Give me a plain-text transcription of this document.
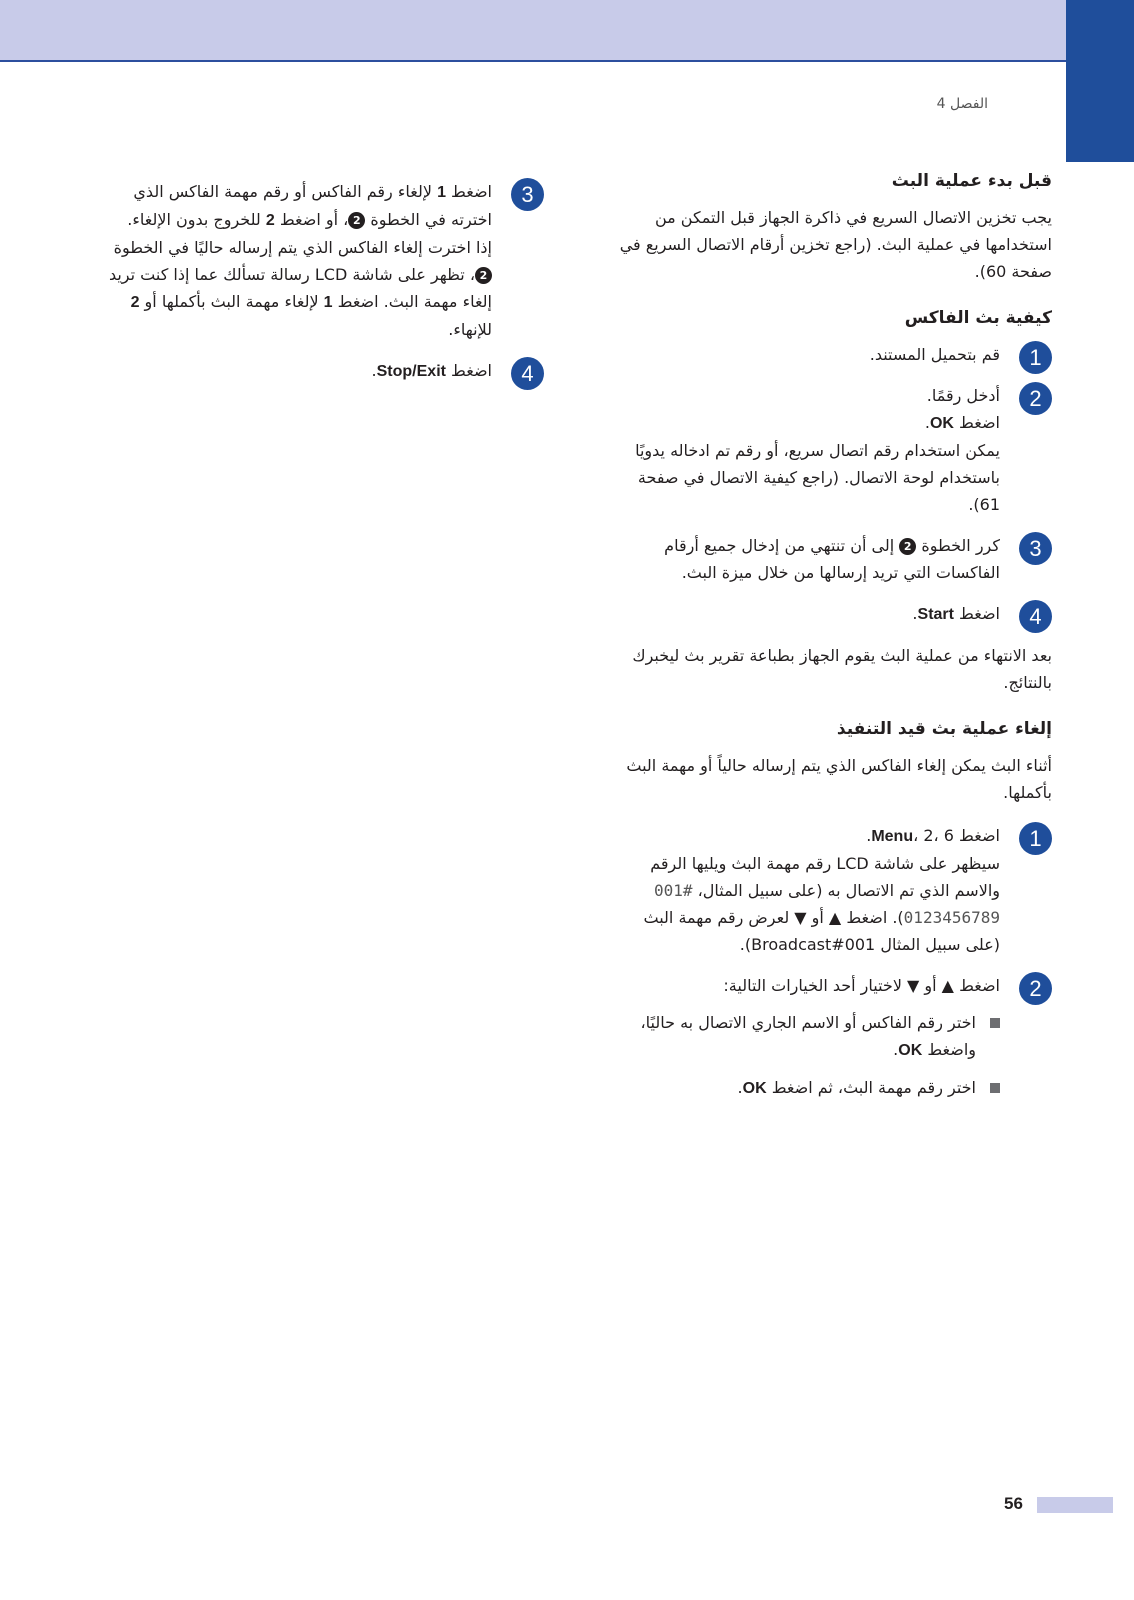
الفصل 4
قبل بدء عملية البث

يجب تخزين الاتصال السريع في ذاكرة الجهاز قبل التمكن من استخدامها في عملية البث. (راجع تخزين أرقام الاتصال السريع في صفحة 60).

كيفية بث الفاكس
1

قم بتحميل المستند.

2

أدخل رقمًا.

اضغط OK.

يمكن استخدام رقم اتصال سريع، أو رقم تم ادخاله يدويًا باستخدام لوحة الاتصال. (راجع كيفية الاتصال في صفحة 61).

3

كرر الخطوة 2 إلى أن تنتهي من إدخال جميع أرقام الفاكسات التي تريد إرسالها من خلال ميزة البث.

4

اضغط Start.

بعد الانتهاء من عملية البث يقوم الجهاز بطباعة تقرير بث ليخبرك بالنتائج.

إلغاء عملية بث قيد التنفيذ

أثناء البث يمكن إلغاء الفاكس الذي يتم إرساله حالياً أو مهمة البث بأكملها.

1

اضغط Menu، 2، 6.

سيظهر على شاشة LCD رقم مهمة البث ويليها الرقم والاسم الذي تم الاتصال به (على سبيل المثال، #001 0123456789). اضغط ▲ أو ▼ لعرض رقم مهمة البث (على سبيل المثال Broadcast#001).

2

اضغط ▲ أو ▼ لاختيار أحد الخيارات التالية:

اختر رقم الفاكس أو الاسم الجاري الاتصال به حاليًا، واضغط OK.

اختر رقم مهمة البث، ثم اضغط OK.

3

اضغط 1 لإلغاء رقم الفاكس أو رقم مهمة الفاكس الذي اخترته في الخطوة 2، أو اضغط 2 للخروج بدون الإلغاء.

إذا اخترت إلغاء الفاكس الذي يتم إرساله حاليًا في الخطوة 2، تظهر على شاشة LCD رسالة تسألك عما إذا كنت تريد إلغاء مهمة البث. اضغط 1 لإلغاء مهمة البث بأكملها أو 2 للإنهاء.

4

اضغط Stop/Exit.

56
